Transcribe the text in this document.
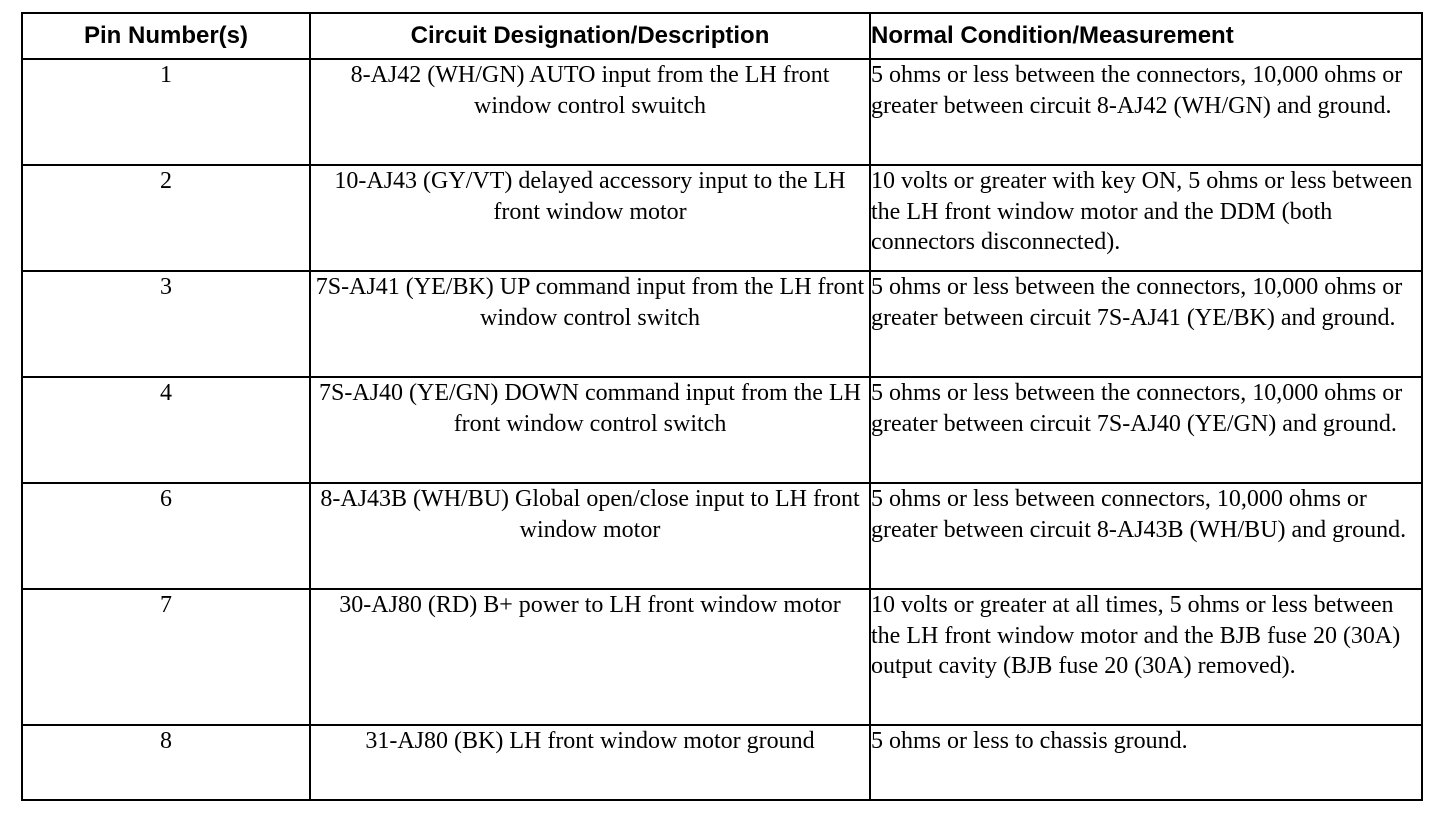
Pin Number(s)	Circuit Designation/Description	Normal Condition/Measurement
1	8-AJ42 (WH/GN) AUTO input from the LH front window control swuitch	5 ohms or less between the connectors, 10,000 ohms or greater between circuit 8-AJ42 (WH/GN) and ground.
2	10-AJ43 (GY/VT) delayed accessory input to the LH front window motor	10 volts or greater with key ON, 5 ohms or less between the LH front window motor and the DDM (both connectors disconnected).
3	7S-AJ41 (YE/BK) UP command input from the LH front window control switch	5 ohms or less between the connectors, 10,000 ohms or greater between circuit 7S-AJ41 (YE/BK) and ground.
4	7S-AJ40 (YE/GN) DOWN command input from the LH front window control switch	5 ohms or less between the connectors, 10,000 ohms or greater between circuit 7S-AJ40 (YE/GN) and ground.
6	8-AJ43B (WH/BU) Global open/close input to LH front window motor	5 ohms or less between connectors, 10,000 ohms or greater between circuit 8-AJ43B (WH/BU) and ground.
7	30-AJ80 (RD) B+ power to LH front window motor	10 volts or greater at all times, 5 ohms or less between the LH front window motor and the BJB fuse 20 (30A) output cavity (BJB fuse 20 (30A) removed).
8	31-AJ80 (BK) LH front window motor ground	5 ohms or less to chassis ground.
